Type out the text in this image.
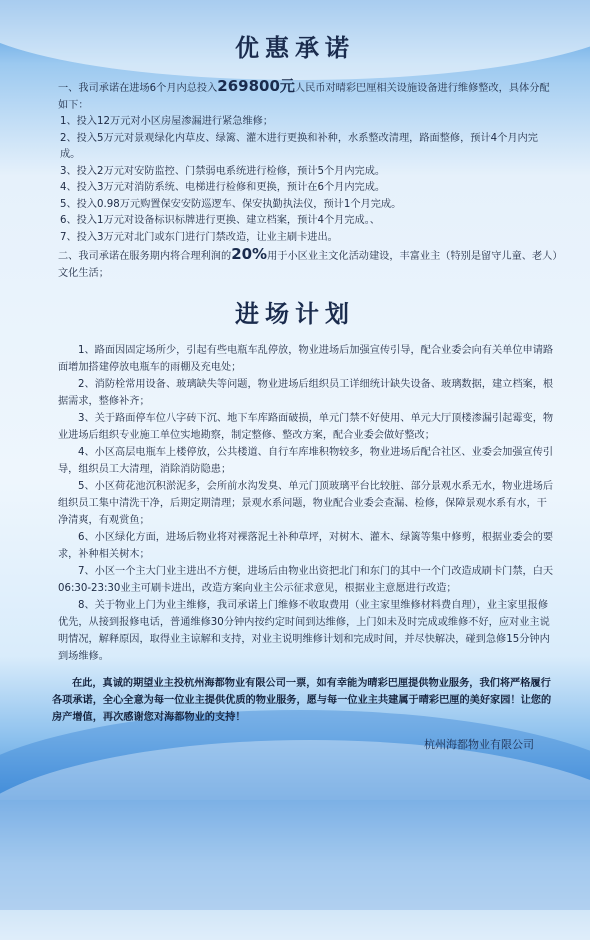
优惠承诺
一、我司承诺在进场6个月内总投入269800元人民币对晴彩巴厘相关设施设备进行维修整改，具体分配如下：
1、投入12万元对小区房屋渗漏进行紧急维修；
2、投入5万元对景观绿化内草皮、绿篱、灌木进行更换和补种，水系整改清理，路面整修，预计4个月内完成。
3、投入2万元对安防监控、门禁弱电系统进行检修，预计5个月内完成。
4、投入3万元对消防系统、电梯进行检修和更换，预计在6个月内完成。
5、投入0.98万元购置保安安防巡逻车、保安执勤执法仪，预计1个月完成。
6、投入1万元对设备标识标牌进行更换、建立档案，预计4个月完成。、
7、投入3万元对北门或东门进行门禁改造，让业主刷卡进出。
二、我司承诺在服务期内将合理利润的20%用于小区业主文化活动建设，丰富业主（特别是留守儿童、老人）文化生活；
进场计划
1、路面因固定场所少，引起有些电瓶车乱停放，物业进场后加强宣传引导，配合业委会向有关单位申请路面增加搭建停放电瓶车的雨棚及充电处；
2、消防栓常用设备、玻璃缺失等问题，物业进场后组织员工详细统计缺失设备、玻璃数据，建立档案，根据需求，整修补齐；
3、关于路面停车位八字砖下沉、地下车库路面破损，单元门禁不好使用、单元大厅顶楼渗漏引起霉变，物业进场后组织专业施工单位实地勘察，制定整修、整改方案，配合业委会做好整改；
4、小区高层电瓶车上楼停放，公共楼道、自行车库堆积物较多，物业进场后配合社区、业委会加强宣传引导，组织员工大清理，消除消防隐患；
5、小区荷花池沉积淤泥多，会所前水沟发臭、单元门顶玻璃平台比较脏、部分景观水系无水，物业进场后组织员工集中清洗干净，后期定期清理；景观水系问题，物业配合业委会查漏、检修，保障景观水系有水，干净清爽，有观赏鱼；
6、小区绿化方面，进场后物业将对裸落泥土补种草坪，对树木、灌木、绿篱等集中修剪，根据业委会的要求，补种相关树木；
7、小区一个主大门业主进出不方便，进场后由物业出资把北门和东门的其中一个门改造成刷卡门禁，白天06:30-23:30业主可刷卡进出，改造方案向业主公示征求意见，根据业主意愿进行改造；
8、关于物业上门为业主维修，我司承诺上门维修不收取费用（业主家里维修材料费自理），业主家里报修优先，从接到报修电话，普通维修30分钟内按约定时间到达维修，上门如未及时完成或维修不好，应对业主说明情况，解释原因，取得业主谅解和支持，对业主说明维修计划和完成时间，并尽快解决，碰到急修15分钟内到场维修。
在此，真诚的期望业主投杭州海都物业有限公司一票，如有幸能为晴彩巴厘提供物业服务，我们将严格履行各项承诺，全心全意为每一位业主提供优质的物业服务，愿与每一位业主共建属于晴彩巴厘的美好家园！让您的房产增值，再次感谢您对海都物业的支持！
杭州海都物业有限公司
